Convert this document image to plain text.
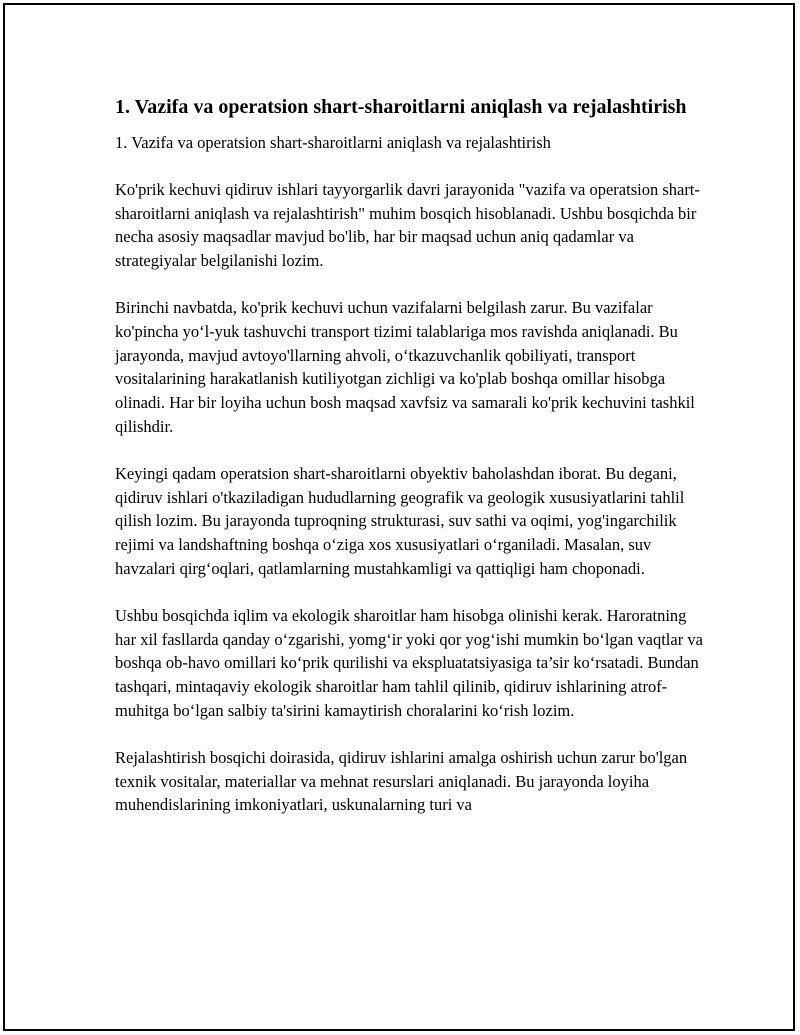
1. Vazifa va operatsion shart-sharoitlarni aniqlash va rejalashtirish
1. Vazifa va operatsion shart-sharoitlarni aniqlash va rejalashtirish

Ko'prik kechuvi qidiruv ishlari tayyorgarlik davri jarayonida "vazifa va operatsion shart-sharoitlarni aniqlash va rejalashtirish" muhim bosqich hisoblanadi. Ushbu bosqichda bir necha asosiy maqsadlar mavjud bo'lib, har bir maqsad uchun aniq qadamlar va strategiyalar belgilanishi lozim.

Birinchi navbatda, ko'prik kechuvi uchun vazifalarni belgilash zarur. Bu vazifalar ko'pincha yo‘l-yuk tashuvchi transport tizimi talablariga mos ravishda aniqlanadi. Bu jarayonda, mavjud avtoyo'llarning ahvoli, o‘tkazuvchanlik qobiliyati, transport vositalarining harakatlanish kutiliyotgan zichligi va ko'plab boshqa omillar hisobga olinadi. Har bir loyiha uchun bosh maqsad xavfsiz va samarali ko'prik kechuvini tashkil qilishdir.

Keyingi qadam operatsion shart-sharoitlarni obyektiv baholashdan iborat. Bu degani, qidiruv ishlari o'tkaziladigan hududlarning geografik va geologik xususiyatlarini tahlil qilish lozim. Bu jarayonda tuproqning strukturasi, suv sathi va oqimi, yog'ingarchilik rejimi va landshaftning boshqa o‘ziga xos xususiyatlari o‘rganiladi. Masalan, suv havzalari qirg‘oqlari, qatlamlarning mustahkamligi va qattiqligi ham choponadi.

Ushbu bosqichda iqlim va ekologik sharoitlar ham hisobga olinishi kerak. Haroratning har xil fasllarda qanday o‘zgarishi, yomg‘ir yoki qor yog‘ishi mumkin bo‘lgan vaqtlar va boshqa ob-havo omillari ko‘prik qurilishi va ekspluatatsiyasiga ta’sir ko‘rsatadi. Bundan tashqari, mintaqaviy ekologik sharoitlar ham tahlil qilinib, qidiruv ishlarining atrof-muhitga bo‘lgan salbiy ta'sirini kamaytirish choralarini ko‘rish lozim.

Rejalashtirish bosqichi doirasida, qidiruv ishlarini amalga oshirish uchun zarur bo'lgan texnik vositalar, materiallar va mehnat resurslari aniqlanadi. Bu jarayonda loyiha muhendislarining imkoniyatlari, uskunalarning turi va
